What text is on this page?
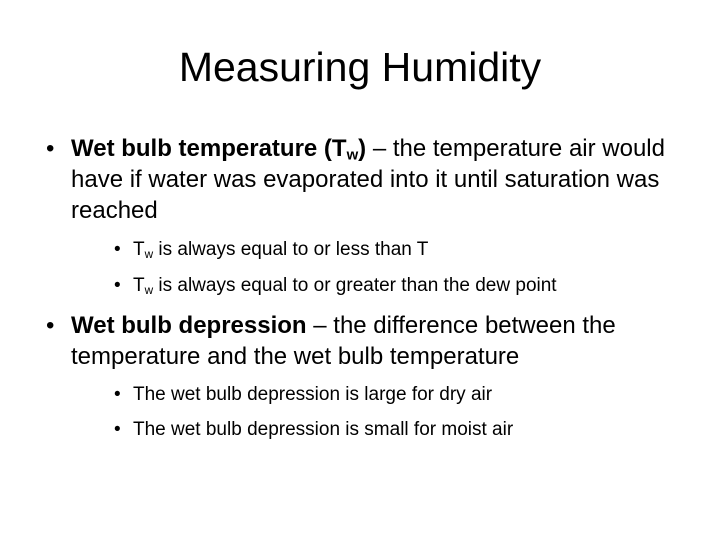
Measuring Humidity
• Wet bulb temperature $(T_w)$ – the temperature air would have if water was evaporated into it until saturation was reached
• $T_w$ is always equal to or less than T
• $T_w$ is always equal to or greater than the dew point
• Wet bulb depression – the difference between the temperature and the wet bulb temperature
• The wet bulb depression is large for dry air
• The wet bulb depression is small for moist air
